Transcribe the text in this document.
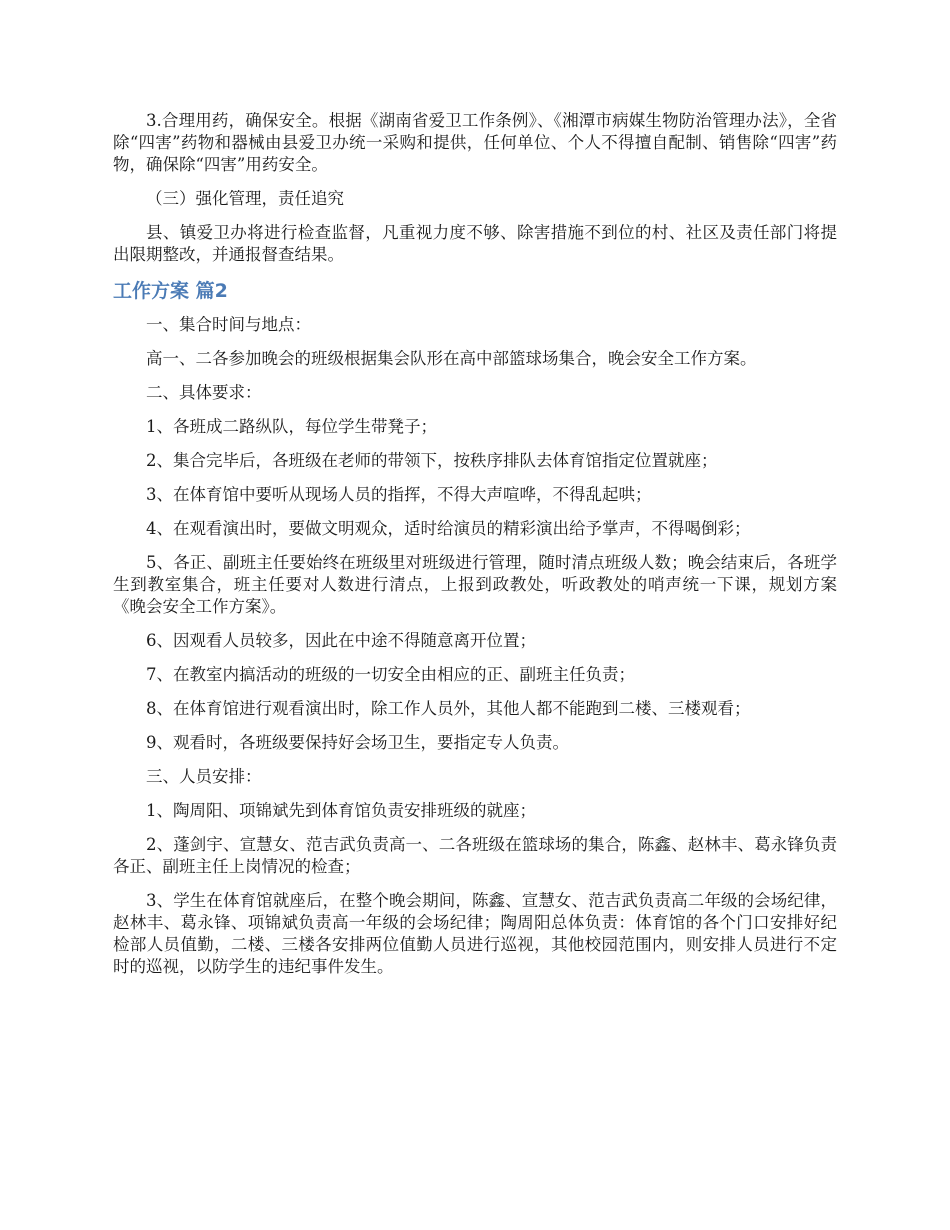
3.合理用药，确保安全。根据《湖南省爱卫工作条例》、《湘潭市病媒生物防治管理办法》，全省除“四害”药物和器械由县爱卫办统一采购和提供，任何单位、个人不得擅自配制、销售除“四害”药物，确保除“四害”用药安全。

（三）强化管理，责任追究

县、镇爱卫办将进行检查监督，凡重视力度不够、除害措施不到位的村、社区及责任部门将提出限期整改，并通报督查结果。

工作方案 篇2

一、集合时间与地点：

高一、二各参加晚会的班级根据集会队形在高中部篮球场集合，晚会安全工作方案。

二、具体要求：

1、各班成二路纵队，每位学生带凳子；

2、集合完毕后，各班级在老师的带领下，按秩序排队去体育馆指定位置就座；

3、在体育馆中要听从现场人员的指挥，不得大声喧哗，不得乱起哄；

4、在观看演出时，要做文明观众，适时给演员的精彩演出给予掌声，不得喝倒彩；

5、各正、副班主任要始终在班级里对班级进行管理，随时清点班级人数；晚会结束后，各班学生到教室集合，班主任要对人数进行清点，上报到政教处，听政教处的哨声统一下课，规划方案《晚会安全工作方案》。

6、因观看人员较多，因此在中途不得随意离开位置；

7、在教室内搞活动的班级的一切安全由相应的正、副班主任负责；

8、在体育馆进行观看演出时，除工作人员外，其他人都不能跑到二楼、三楼观看；

9、观看时，各班级要保持好会场卫生，要指定专人负责。

三、人员安排：

1、陶周阳、项锦斌先到体育馆负责安排班级的就座；

2、蓬剑宇、宣慧女、范吉武负责高一、二各班级在篮球场的集合，陈鑫、赵林丰、葛永锋负责各正、副班主任上岗情况的检查；

3、学生在体育馆就座后，在整个晚会期间，陈鑫、宣慧女、范吉武负责高二年级的会场纪律，赵林丰、葛永锋、项锦斌负责高一年级的会场纪律；陶周阳总体负责：体育馆的各个门口安排好纪检部人员值勤，二楼、三楼各安排两位值勤人员进行巡视，其他校园范围内，则安排人员进行不定时的巡视，以防学生的违纪事件发生。
